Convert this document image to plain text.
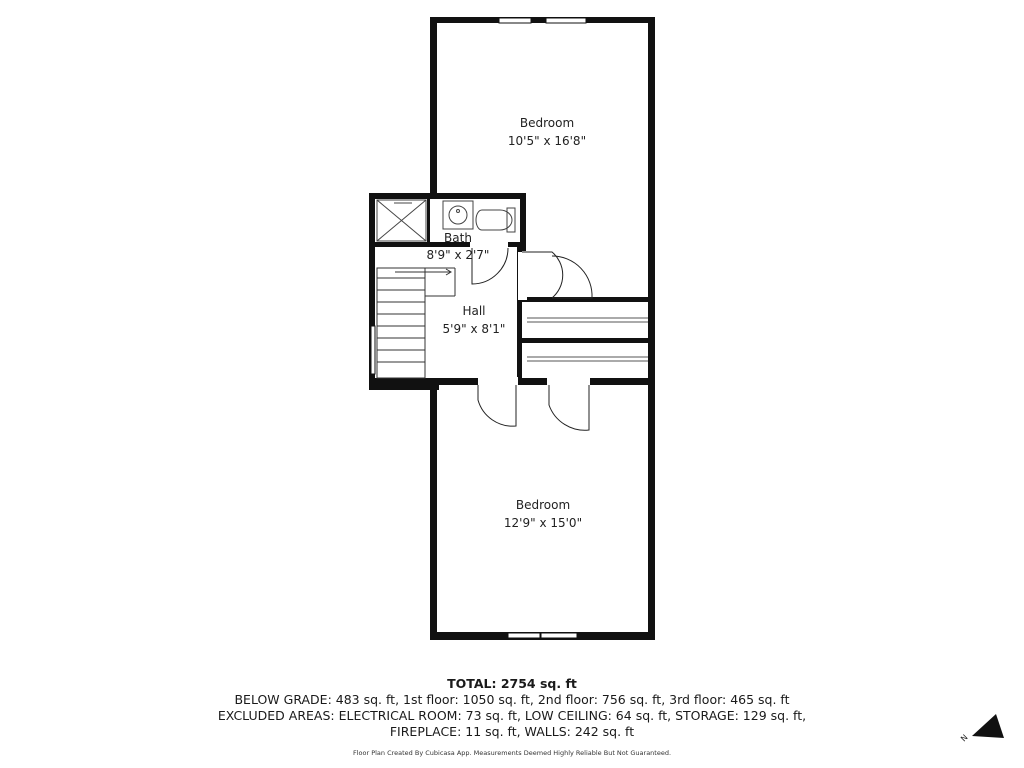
Bedroom
10'5" x 16'8"
Bath
8'9" x 2'7"
Hall
5'9" x 8'1"
Bedroom
12'9" x 15'0"
N
TOTAL: 2754 sq. ft
BELOW GRADE: 483 sq. ft, 1st floor: 1050 sq. ft, 2nd floor: 756 sq. ft, 3rd floor: 465 sq. ft
EXCLUDED AREAS: ELECTRICAL ROOM: 73 sq. ft, LOW CEILING: 64 sq. ft, STORAGE: 129 sq. ft,
FIREPLACE: 11 sq. ft, WALLS: 242 sq. ft
Floor Plan Created By Cubicasa App. Measurements Deemed Highly Reliable But Not Guaranteed.
